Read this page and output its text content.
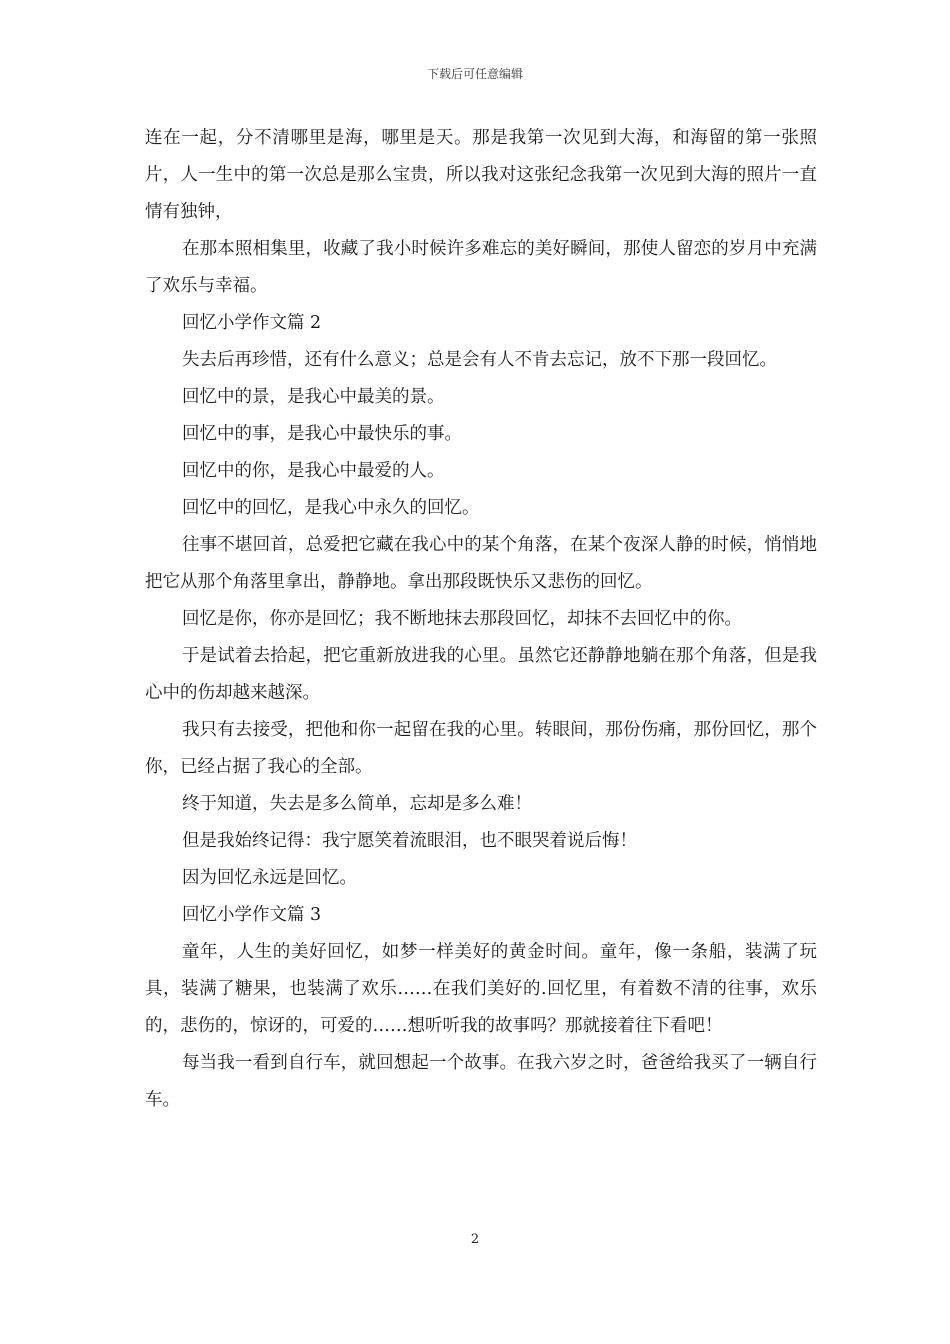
下载后可任意编辑

连在一起，分不清哪里是海，哪里是天。那是我第一次见到大海，和海留的第一张照片，人一生中的第一次总是那么宝贵，所以我对这张纪念我第一次见到大海的照片一直情有独钟，

在那本照相集里，收藏了我小时候许多难忘的美好瞬间，那使人留恋的岁月中充满了欢乐与幸福。

回忆小学作文篇 2

失去后再珍惜，还有什么意义；总是会有人不肯去忘记，放不下那一段回忆。

回忆中的景，是我心中最美的景。

回忆中的事，是我心中最快乐的事。

回忆中的你，是我心中最爱的人。

回忆中的回忆，是我心中永久的回忆。

往事不堪回首，总爱把它藏在我心中的某个角落，在某个夜深人静的时候，悄悄地把它从那个角落里拿出，静静地。拿出那段既快乐又悲伤的回忆。

回忆是你，你亦是回忆；我不断地抹去那段回忆，却抹不去回忆中的你。

于是试着去拾起，把它重新放进我的心里。虽然它还静静地躺在那个角落，但是我心中的伤却越来越深。

我只有去接受，把他和你一起留在我的心里。转眼间，那份伤痛，那份回忆，那个你，已经占据了我心的全部。

终于知道，失去是多么简单，忘却是多么难！

但是我始终记得：我宁愿笑着流眼泪，也不眼哭着说后悔！

因为回忆永远是回忆。

回忆小学作文篇 3

童年，人生的美好回忆，如梦一样美好的黄金时间。童年，像一条船，装满了玩具，装满了糖果，也装满了欢乐……在我们美好的.回忆里，有着数不清的往事，欢乐的，悲伤的，惊讶的，可爱的……想听听我的故事吗？那就接着往下看吧！

每当我一看到自行车，就回想起一个故事。在我六岁之时，爸爸给我买了一辆自行车。

2
